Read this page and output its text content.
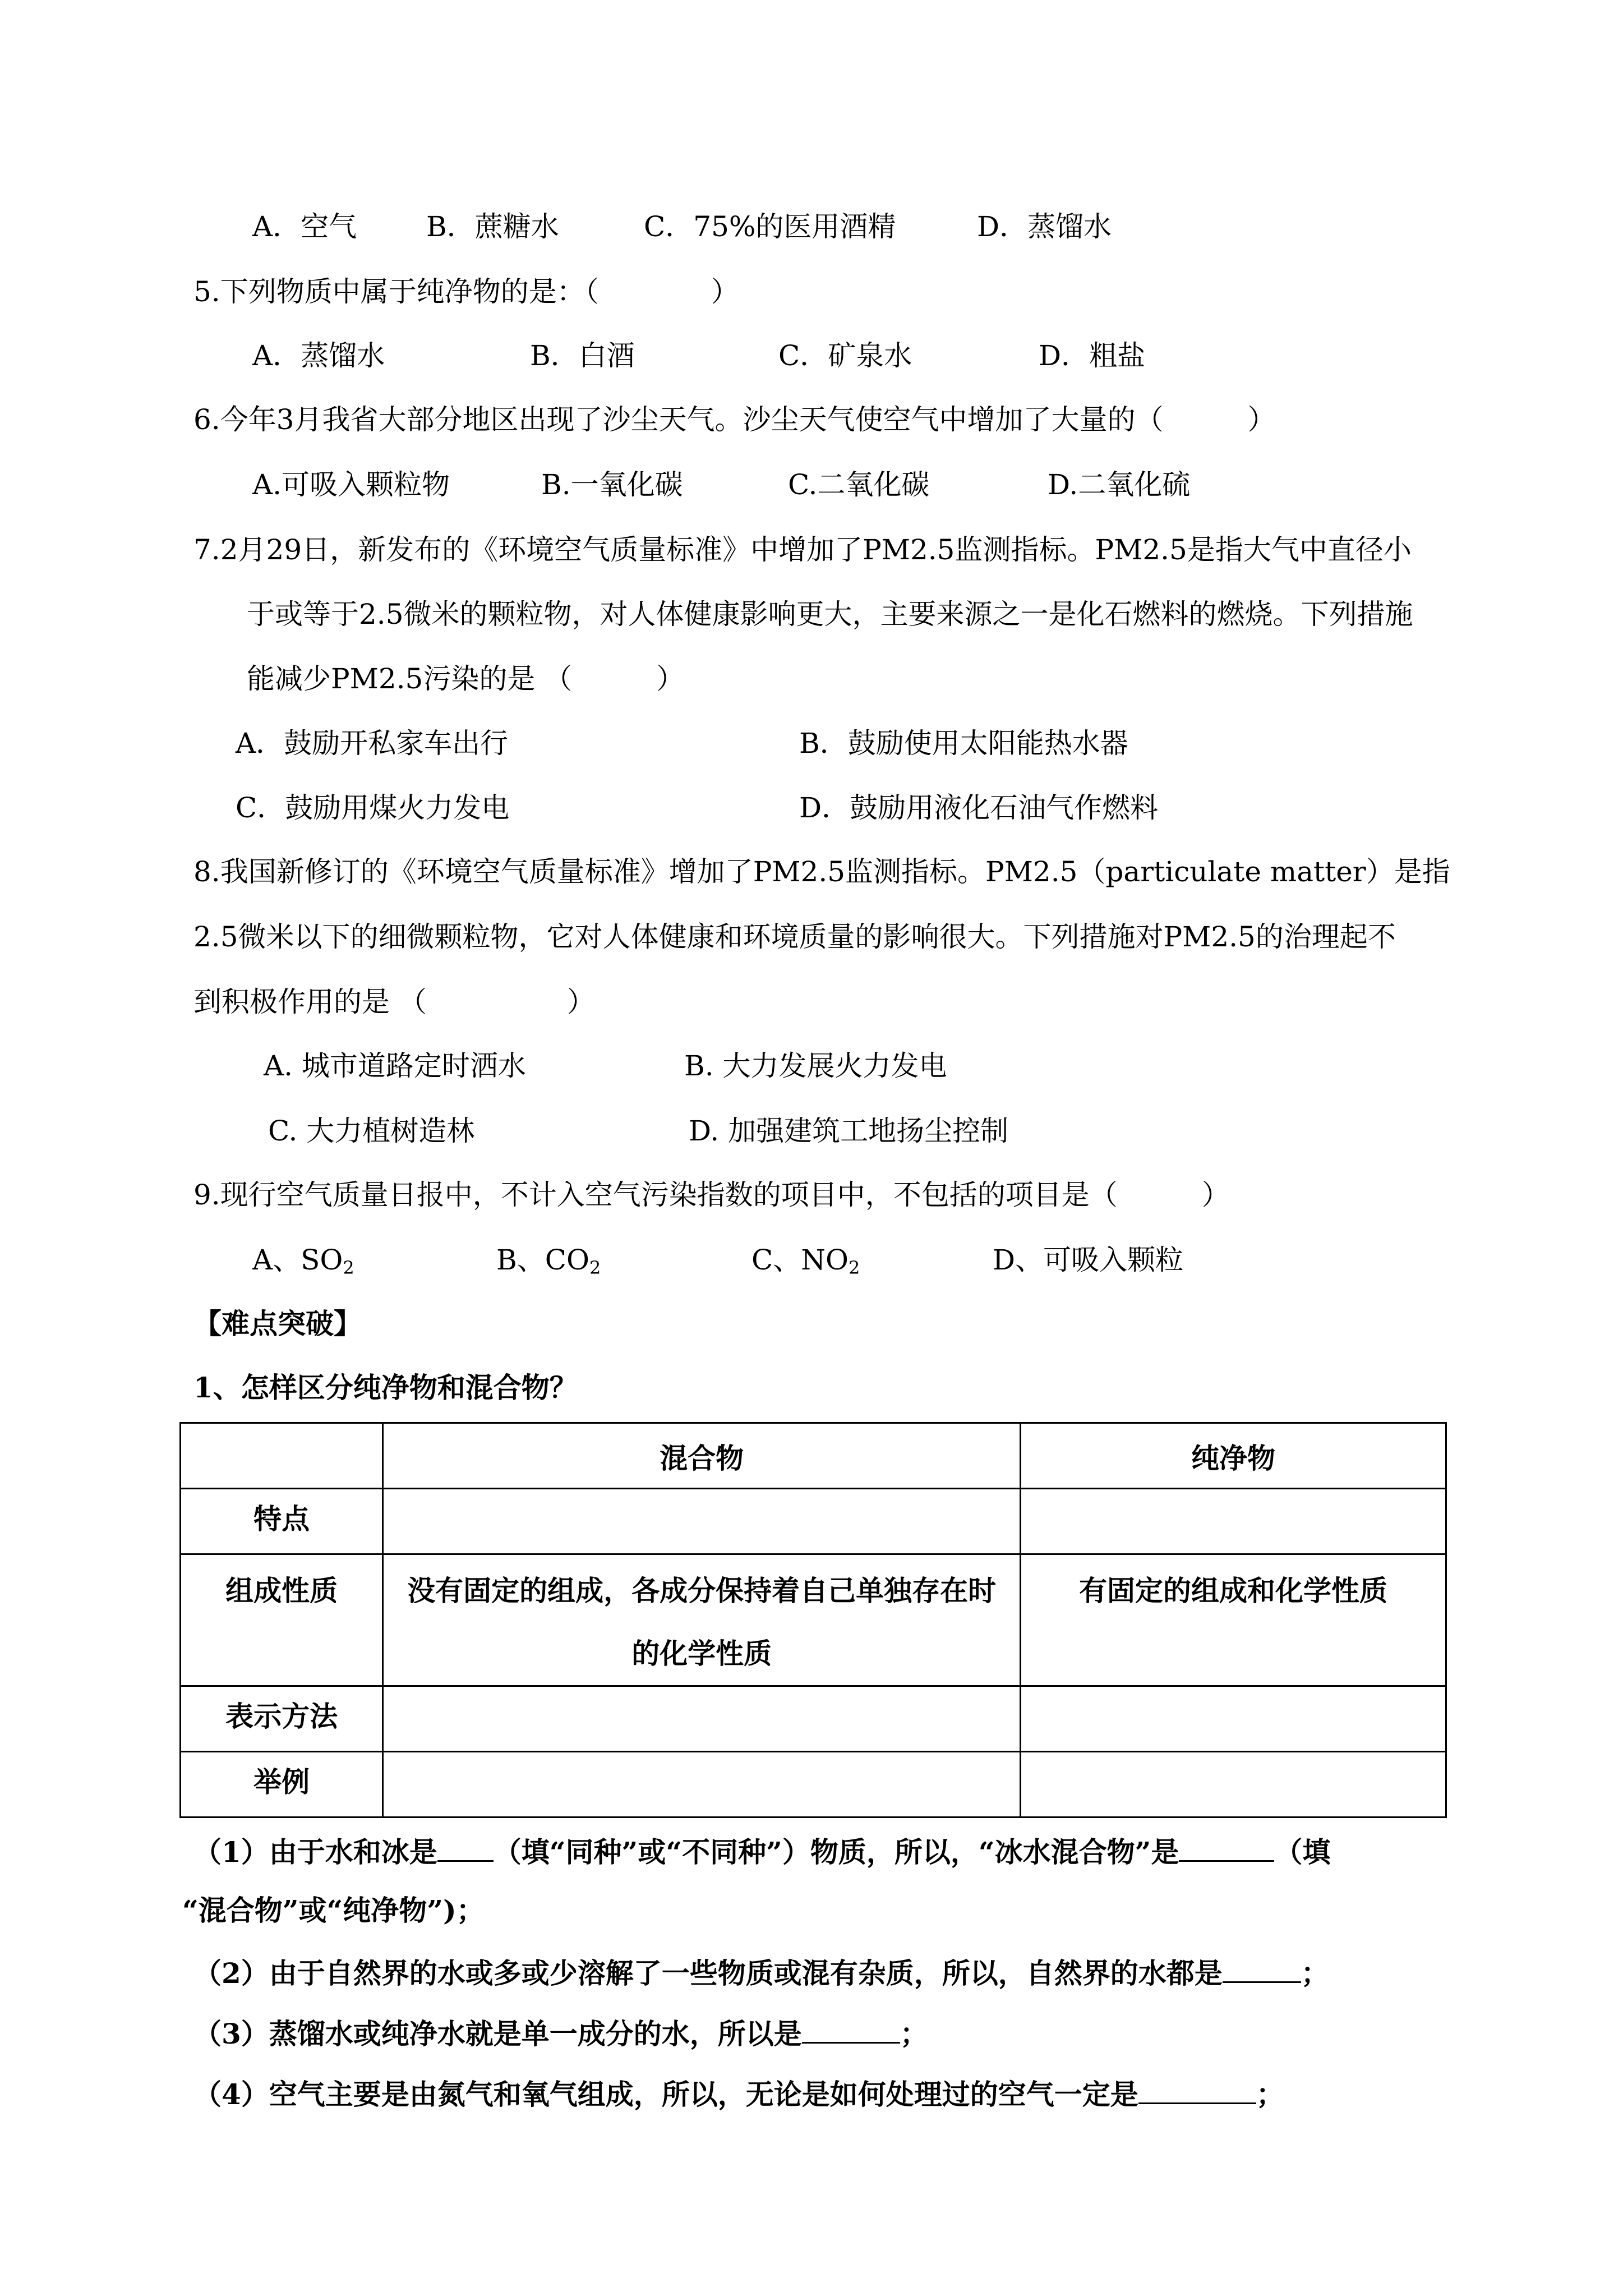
A．空气 B．蔗糖水	C．75%的医用酒精	D．蒸馏水
5.下列物质中属于纯净物的是：（　　　　）
A．蒸馏水	B．白酒	C．矿泉水	D．粗盐
6.今年3月我省大部分地区出现了沙尘天气。沙尘天气使空气中增加了大量的（　　　）
A.可吸入颗粒物	B.一氧化碳	C.二氧化碳	D.二氧化硫
7.2月29日，新发布的《环境空气质量标准》中增加了PM2.5监测指标。PM2.5是指大气中直径小
于或等于2.5微米的颗粒物，对人体健康影响更大，主要来源之一是化石燃料的燃烧。下列措施
能减少PM2.5污染的是 （　　　）
A．鼓励开私家车出行	B．鼓励使用太阳能热水器
C．鼓励用煤火力发电	D．鼓励用液化石油气作燃料
8.我国新修订的《环境空气质量标准》增加了PM2.5监测指标。PM2.5（particulate matter）是指
2.5微米以下的细微颗粒物，它对人体健康和环境质量的影响很大。下列措施对PM2.5的治理起不
到积极作用的是 （　　　　　）
A. 城市道路定时洒水	B. 大力发展火力发电
C. 大力植树造林	D. 加强建筑工地扬尘控制
9.现行空气质量日报中，不计入空气污染指数的项目中，不包括的项目是（　　　）
A、$SO_2$	B、$CO_2$	C、$NO_2$	D、可吸入颗粒
【难点突破】
1、怎样区分纯净物和混合物？
	混合物	纯净物
特点		
组成性质	没有固定的组成，各成分保持着自己单独存在时
的化学性质	有固定的组成和化学性质
表示方法		
举例		
（1）由于水和冰是 （填“同种”或“不同种”）物质，所以，“冰水混合物”是	（填
“混合物”或“纯净物”)；
（2）由于自然界的水或多或少溶解了一些物质或混有杂质，所以，自然界的水都是	；
（3）蒸馏水或纯净水就是单一成分的水，所以是	；
（4）空气主要是由氮气和氧气组成，所以，无论是如何处理过的空气一定是	；
